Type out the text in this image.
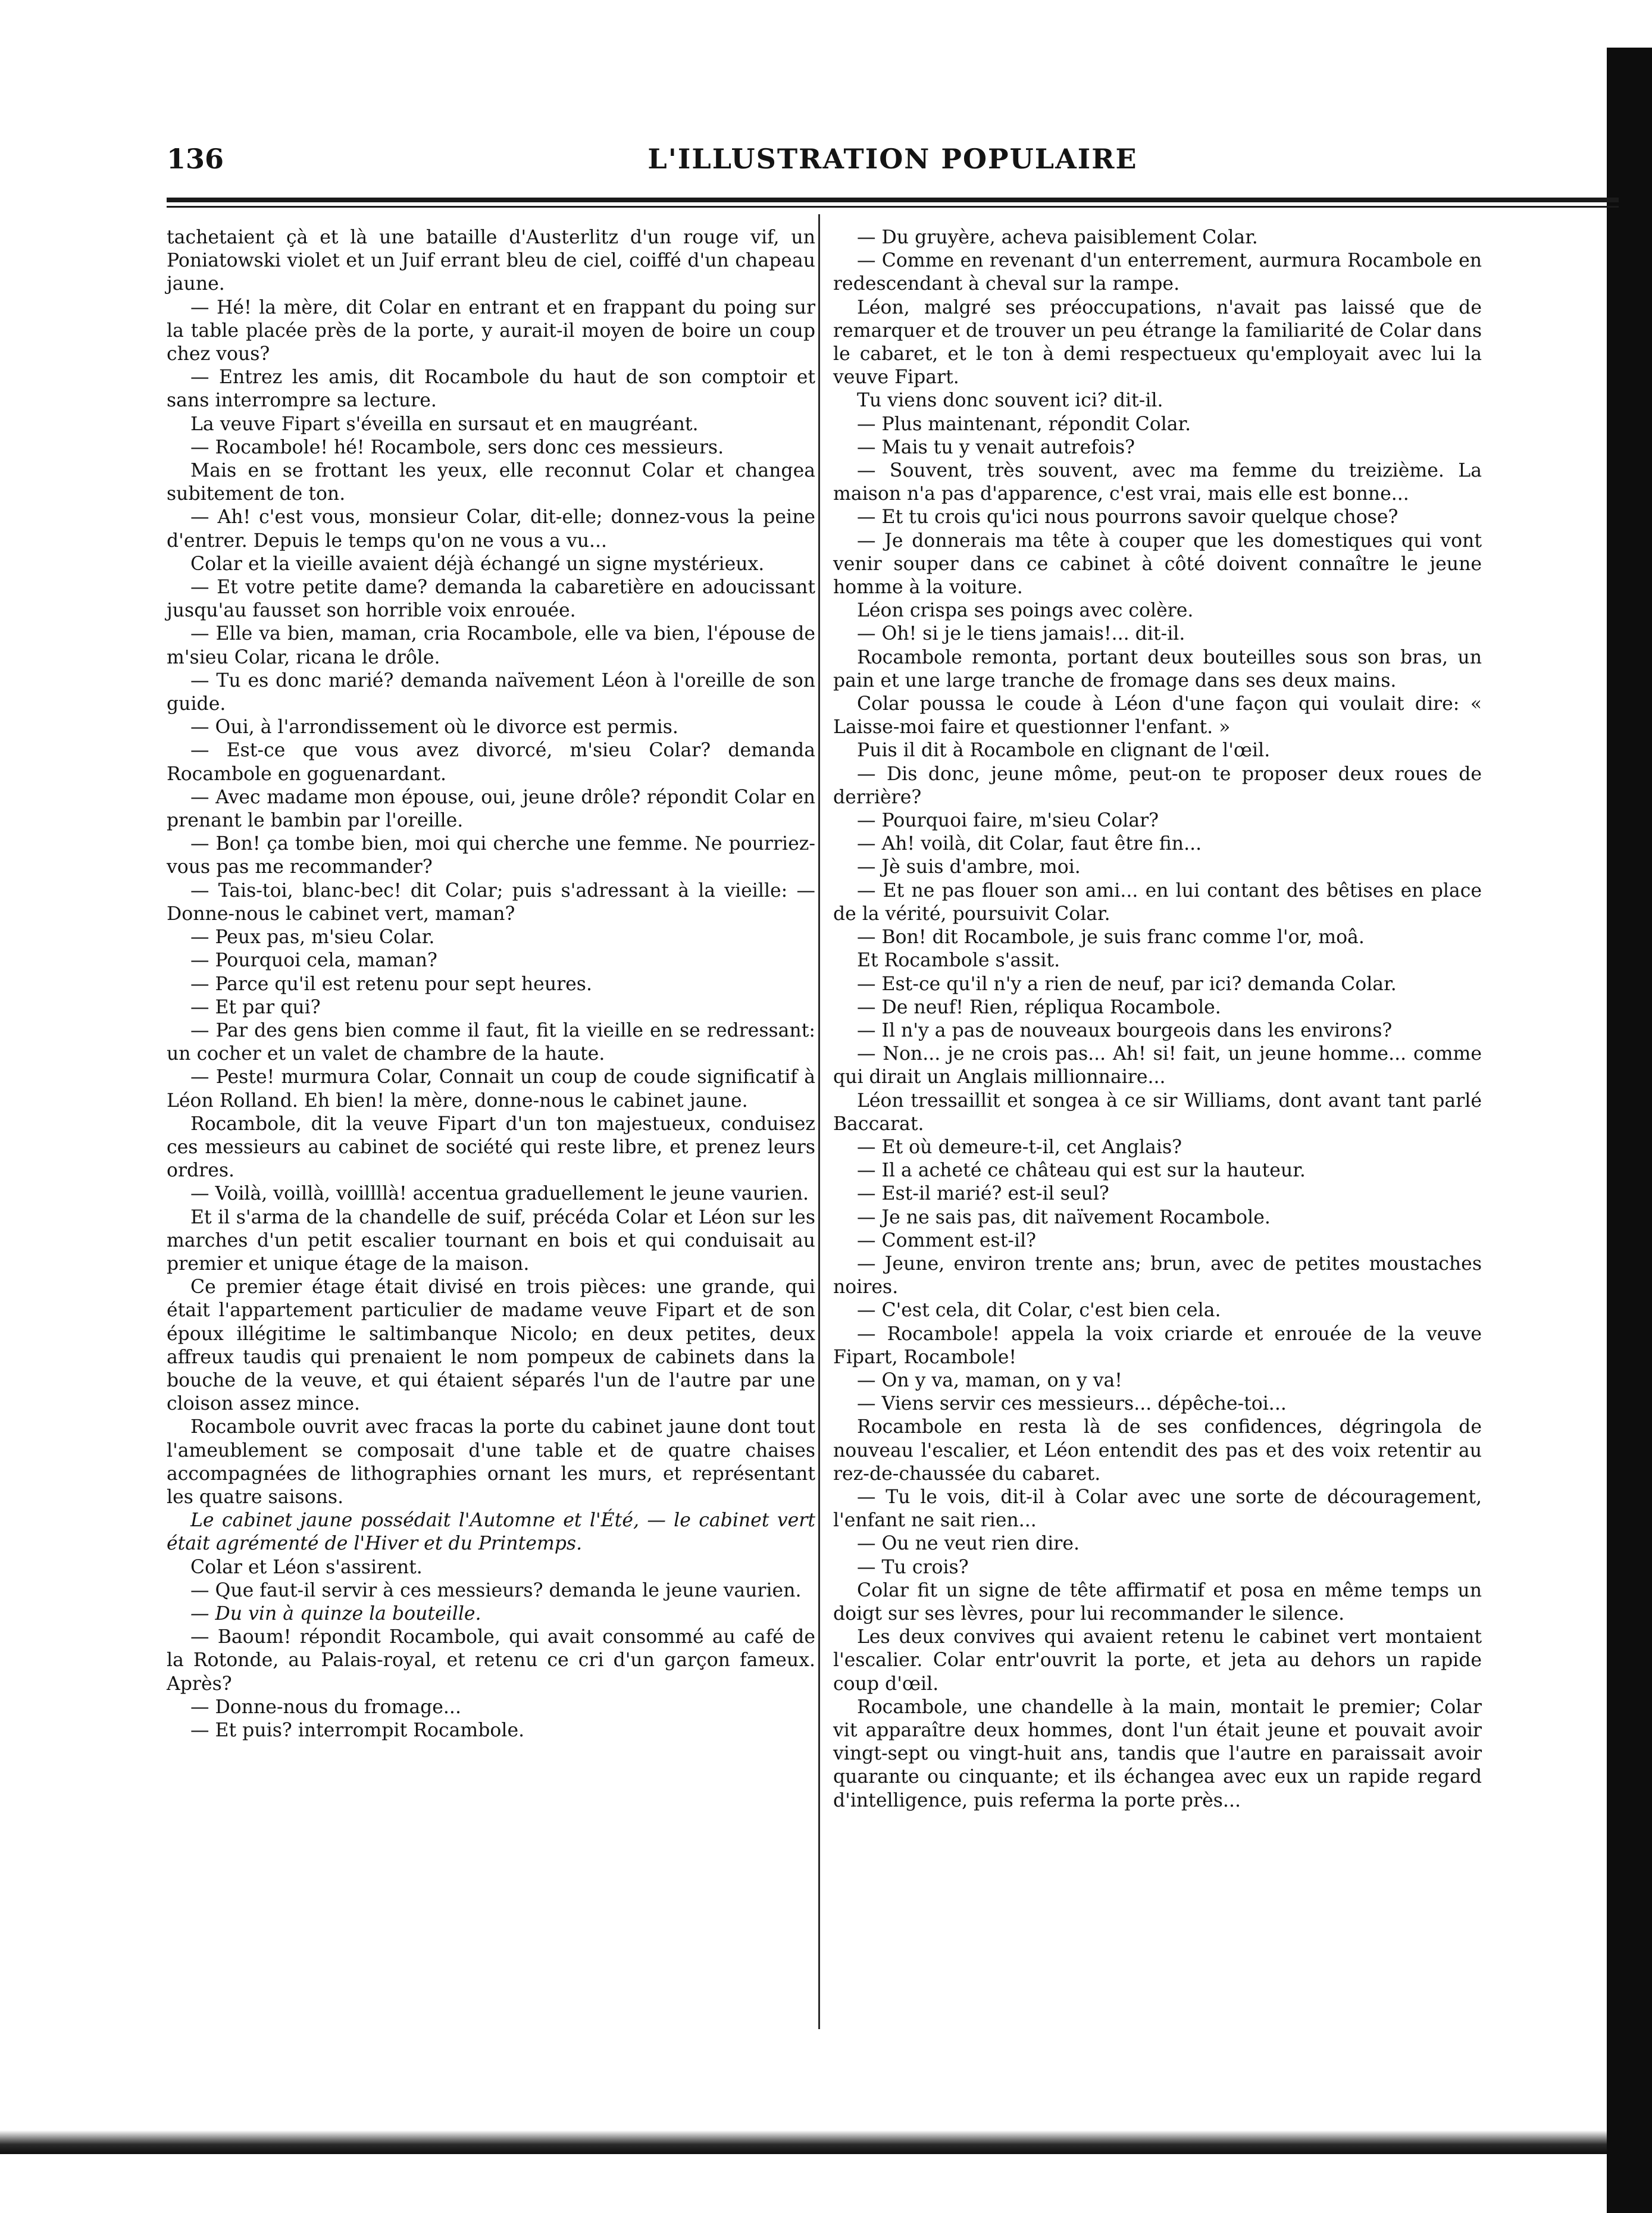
136	L'ILLUSTRATION POPULAIRE

tachetaient çà et là une bataille d'Austerlitz d'un rouge vif, un Poniatowski violet et un Juif errant bleu de ciel, coiffé d'un chapeau jaune.

— Hé! la mère, dit Colar en entrant et en frappant du poing sur la table placée près de la porte, y aurait-il moyen de boire un coup chez vous?

— Entrez les amis, dit Rocambole du haut de son comptoir et sans interrompre sa lecture.

La veuve Fipart s'éveilla en sursaut et en maugréant.

— Rocambole! hé! Rocambole, sers donc ces messieurs.

Mais en se frottant les yeux, elle reconnut Colar et changea subitement de ton.

— Ah! c'est vous, monsieur Colar, dit-elle; donnez-vous la peine d'entrer. Depuis le temps qu'on ne vous a vu...

Colar et la vieille avaient déjà échangé un signe mystérieux.

— Et votre petite dame? demanda la cabaretière en adoucissant jusqu'au fausset son horrible voix enrouée.

— Elle va bien, maman, cria Rocambole, elle va bien, l'épouse de m'sieu Colar, ricana le drôle.

— Tu es donc marié? demanda naïvement Léon à l'oreille de son guide.

— Oui, à l'arrondissement où le divorce est permis.

— Est-ce que vous avez divorcé, m'sieu Colar? demanda Rocambole en goguenardant.

— Avec madame mon épouse, oui, jeune drôle? répondit Colar en prenant le bambin par l'oreille.

— Bon! ça tombe bien, moi qui cherche une femme. Ne pourriez-vous pas me recommander?

— Tais-toi, blanc-bec! dit Colar; puis s'adressant à la vieille: — Donne-nous le cabinet vert, maman?

— Peux pas, m'sieu Colar.

— Pourquoi cela, maman?

— Parce qu'il est retenu pour sept heures.

— Et par qui?

— Par des gens bien comme il faut, fit la vieille en se redressant: un cocher et un valet de chambre de la haute.

— Peste! murmura Colar, Connait un coup de coude significatif à Léon Rolland. Eh bien! la mère, donne-nous le cabinet jaune.

Rocambole, dit la veuve Fipart d'un ton majestueux, conduisez ces messieurs au cabinet de société qui reste libre, et prenez leurs ordres.

— Voilà, voillà, voillllà! accentua graduellement le jeune vaurien.

Et il s'arma de la chandelle de suif, précéda Colar et Léon sur les marches d'un petit escalier tournant en bois et qui conduisait au premier et unique étage de la maison.

Ce premier étage était divisé en trois pièces: une grande, qui était l'appartement particulier de madame veuve Fipart et de son époux illégitime le saltimbanque Nicolo; en deux petites, deux affreux taudis qui prenaient le nom pompeux de cabinets dans la bouche de la veuve, et qui étaient séparés l'un de l'autre par une cloison assez mince.

Rocambole ouvrit avec fracas la porte du cabinet jaune dont tout l'ameublement se composait d'une table et de quatre chaises accompagnées de lithographies ornant les murs, et représentant les quatre saisons.

Le cabinet jaune possédait l'Automne et l'Été, — le cabinet vert était agrémenté de l'Hiver et du Printemps.

Colar et Léon s'assirent.

— Que faut-il servir à ces messieurs? demanda le jeune vaurien.

— Du vin à quinze la bouteille.

— Baoum! répondit Rocambole, qui avait consommé au café de la Rotonde, au Palais-royal, et retenu ce cri d'un garçon fameux. Après?

— Donne-nous du fromage...

— Et puis? interrompit Rocambole.

— Du gruyère, acheva paisiblement Colar.

— Comme en revenant d'un enterrement, aurmura Rocambole en redescendant à cheval sur la rampe.

Léon, malgré ses préoccupations, n'avait pas laissé que de remarquer et de trouver un peu étrange la familiarité de Colar dans le cabaret, et le ton à demi respectueux qu'employait avec lui la veuve Fipart.

Tu viens donc souvent ici? dit-il.

— Plus maintenant, répondit Colar.

— Mais tu y venait autrefois?

— Souvent, très souvent, avec ma femme du treizième. La maison n'a pas d'apparence, c'est vrai, mais elle est bonne...

— Et tu crois qu'ici nous pourrons savoir quelque chose?

— Je donnerais ma tête à couper que les domestiques qui vont venir souper dans ce cabinet à côté doivent connaître le jeune homme à la voiture.

Léon crispa ses poings avec colère.

— Oh! si je le tiens jamais!... dit-il.

Rocambole remonta, portant deux bouteilles sous son bras, un pain et une large tranche de fromage dans ses deux mains.

Colar poussa le coude à Léon d'une façon qui voulait dire: « Laisse-moi faire et questionner l'enfant. »

Puis il dit à Rocambole en clignant de l'œil.

— Dis donc, jeune môme, peut-on te proposer deux roues de derrière?

— Pourquoi faire, m'sieu Colar?

— Ah! voilà, dit Colar, faut être fin...

— Jè suis d'ambre, moi.

— Et ne pas flouer son ami... en lui contant des bêtises en place de la vérité, poursuivit Colar.

— Bon! dit Rocambole, je suis franc comme l'or, moâ.

Et Rocambole s'assit.

— Est-ce qu'il n'y a rien de neuf, par ici? demanda Colar.

— De neuf! Rien, répliqua Rocambole.

— Il n'y a pas de nouveaux bourgeois dans les environs?

— Non... je ne crois pas... Ah! si! fait, un jeune homme... comme qui dirait un Anglais millionnaire...

Léon tressaillit et songea à ce sir Williams, dont avant tant parlé Baccarat.

— Et où demeure-t-il, cet Anglais?

— Il a acheté ce château qui est sur la hauteur.

— Est-il marié? est-il seul?

— Je ne sais pas, dit naïvement Rocambole.

— Comment est-il?

— Jeune, environ trente ans; brun, avec de petites moustaches noires.

— C'est cela, dit Colar, c'est bien cela.

— Rocambole! appela la voix criarde et enrouée de la veuve Fipart, Rocambole!

— On y va, maman, on y va!

— Viens servir ces messieurs... dépêche-toi...

Rocambole en resta là de ses confidences, dégringola de nouveau l'escalier, et Léon entendit des pas et des voix retentir au rez-de-chaussée du cabaret.

— Tu le vois, dit-il à Colar avec une sorte de découragement, l'enfant ne sait rien...

— Ou ne veut rien dire.

— Tu crois?

Colar fit un signe de tête affirmatif et posa en même temps un doigt sur ses lèvres, pour lui recommander le silence.

Les deux convives qui avaient retenu le cabinet vert montaient l'escalier. Colar entr'ouvrit la porte, et jeta au dehors un rapide coup d'œil.

Rocambole, une chandelle à la main, montait le premier; Colar vit apparaître deux hommes, dont l'un était jeune et pouvait avoir vingt-sept ou vingt-huit ans, tandis que l'autre en paraissait avoir quarante ou cinquante; et ils échangea avec eux un rapide regard d'intelligence, puis referma la porte près...
